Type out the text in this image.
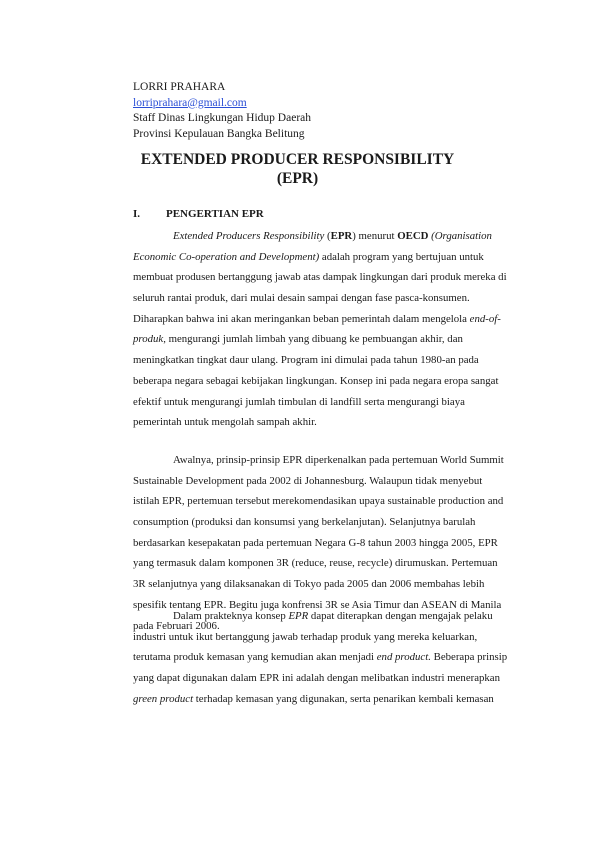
LORRI PRAHARA
lorriprahara@gmail.com
Staff Dinas Lingkungan Hidup Daerah
Provinsi Kepulauan Bangka Belitung
EXTENDED PRODUCER RESPONSIBILITY
(EPR)
I. PENGERTIAN EPR
Extended Producers Responsibility (EPR) menurut OECD (Organisation
Economic Co-operation and Development) adalah program yang bertujuan untuk
membuat produsen bertanggung jawab atas dampak lingkungan dari produk mereka di
seluruh rantai produk, dari mulai desain sampai dengan fase pasca-konsumen.
Diharapkan bahwa ini akan meringankan beban pemerintah dalam mengelola end-of-
produk, mengurangi jumlah limbah yang dibuang ke pembuangan akhir, dan
meningkatkan tingkat daur ulang. Program ini dimulai pada tahun 1980-an pada
beberapa negara sebagai kebijakan lingkungan. Konsep ini pada negara eropa sangat
efektif untuk mengurangi jumlah timbulan di landfill serta mengurangi biaya
pemerintah untuk mengolah sampah akhir.
Awalnya, prinsip-prinsip EPR diperkenalkan pada pertemuan World Summit
Sustainable Development pada 2002 di Johannesburg. Walaupun tidak menyebut
istilah EPR, pertemuan tersebut merekomendasikan upaya sustainable production and
consumption (produksi dan konsumsi yang berkelanjutan). Selanjutnya barulah
berdasarkan kesepakatan pada pertemuan Negara G-8 tahun 2003 hingga 2005, EPR
yang termasuk dalam komponen 3R (reduce, reuse, recycle) dirumuskan. Pertemuan
3R selanjutnya yang dilaksanakan di Tokyo pada 2005 dan 2006 membahas lebih
spesifik tentang EPR. Begitu juga konfrensi 3R se Asia Timur dan ASEAN di Manila
pada Februari 2006.
Dalam prakteknya konsep EPR dapat diterapkan dengan mengajak pelaku
industri untuk ikut bertanggung jawab terhadap produk yang mereka keluarkan,
terutama produk kemasan yang kemudian akan menjadi end product. Beberapa prinsip
yang dapat digunakan dalam EPR ini adalah dengan melibatkan industri menerapkan
green product terhadap kemasan yang digunakan, serta penarikan kembali kemasan
